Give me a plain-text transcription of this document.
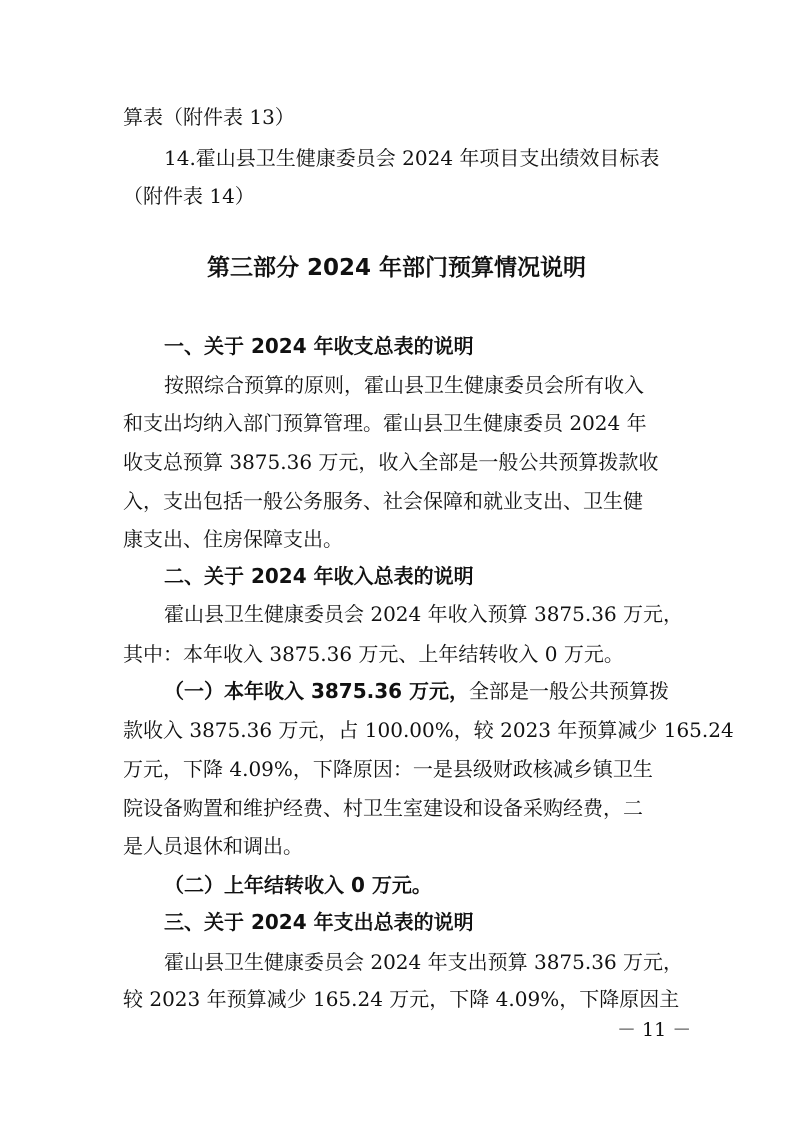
算表（附件表 13）
14.霍山县卫生健康委员会 2024 年项目支出绩效目标表
（附件表 14）
第三部分 2024 年部门预算情况说明
一、关于 2024 年收支总表的说明
按照综合预算的原则，霍山县卫生健康委员会所有收入
和支出均纳入部门预算管理。霍山县卫生健康委员 2024 年
收支总预算 3875.36 万元，收入全部是一般公共预算拨款收
入，支出包括一般公务服务、社会保障和就业支出、卫生健
康支出、住房保障支出。
二、关于 2024 年收入总表的说明
霍山县卫生健康委员会 2024 年收入预算 3875.36 万元，
其中：本年收入 3875.36 万元、上年结转收入 0 万元。
（一）本年收入 3875.36 万元，全部是一般公共预算拨
款收入 3875.36 万元，占 100.00%，较 2023 年预算减少 165.24
万元，下降 4.09%，下降原因：一是县级财政核减乡镇卫生
院设备购置和维护经费、村卫生室建设和设备采购经费，二
是人员退休和调出。
（二）上年结转收入 0 万元。
三、关于 2024 年支出总表的说明
霍山县卫生健康委员会 2024 年支出预算 3875.36 万元，
较 2023 年预算减少 165.24 万元，下降 4.09%，下降原因主
－ 11 －
